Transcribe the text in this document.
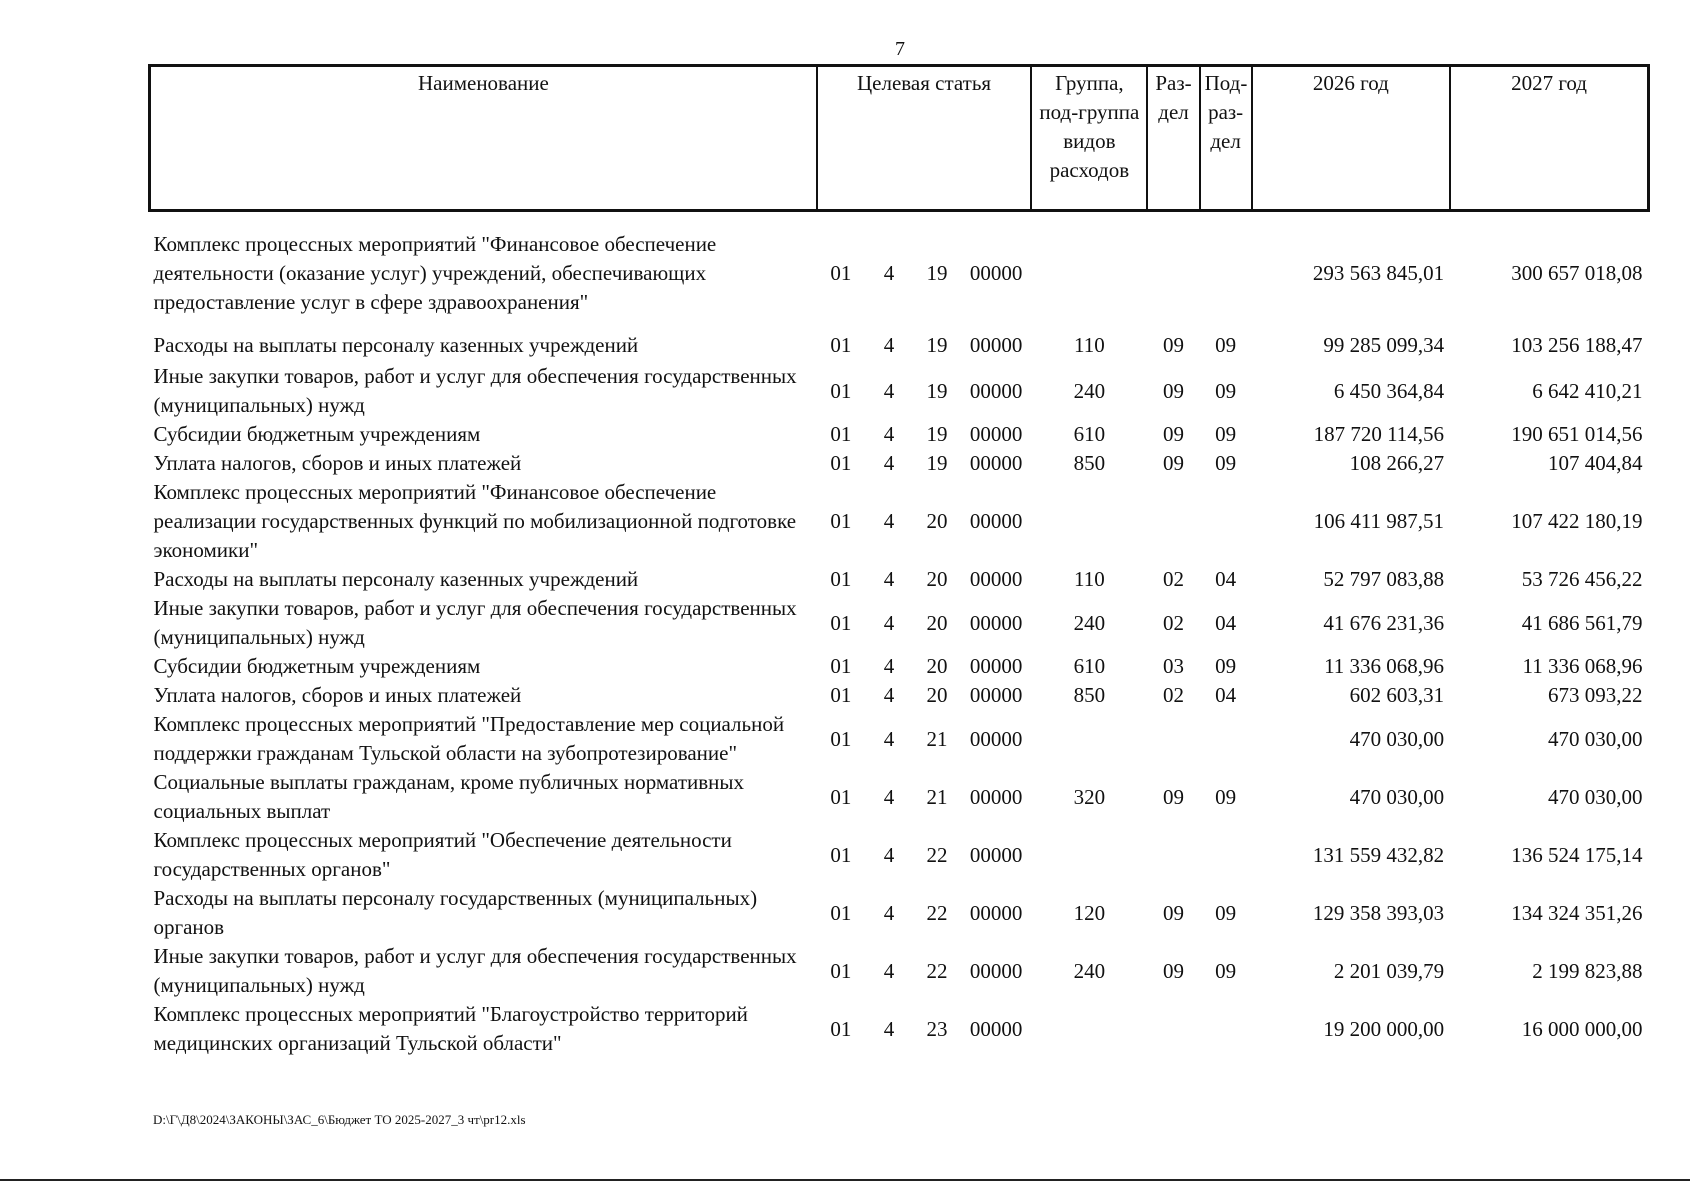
7
Наименование	Целевая статья				Группа, под-группа видов расходов	Раз-дел	Под-раз-дел	2026 год	2027 год

Комплекс процессных мероприятий "Финансовое обеспечение деятельности (оказание услуг) учреждений, обеспечивающих предоставление услуг в сфере здравоохранения"	01	4	19	00000				293 563 845,01	300 657 018,08
Расходы на выплаты персоналу казенных учреждений	01	4	19	00000	110	09	09	99 285 099,34	103 256 188,47
Иные закупки товаров, работ и услуг для обеспечения государственных (муниципальных) нужд	01	4	19	00000	240	09	09	6 450 364,84	6 642 410,21
Субсидии бюджетным учреждениям	01	4	19	00000	610	09	09	187 720 114,56	190 651 014,56
Уплата налогов, сборов и иных платежей	01	4	19	00000	850	09	09	108 266,27	107 404,84
Комплекс процессных мероприятий "Финансовое обеспечение реализации государственных функций по мобилизационной подготовке экономики"	01	4	20	00000				106 411 987,51	107 422 180,19
Расходы на выплаты персоналу казенных учреждений	01	4	20	00000	110	02	04	52 797 083,88	53 726 456,22
Иные закупки товаров, работ и услуг для обеспечения государственных (муниципальных) нужд	01	4	20	00000	240	02	04	41 676 231,36	41 686 561,79
Субсидии бюджетным учреждениям	01	4	20	00000	610	03	09	11 336 068,96	11 336 068,96
Уплата налогов, сборов и иных платежей	01	4	20	00000	850	02	04	602 603,31	673 093,22
Комплекс процессных мероприятий "Предоставление мер социальной поддержки гражданам Тульской области на зубопротезирование"	01	4	21	00000				470 030,00	470 030,00
Социальные выплаты гражданам, кроме публичных нормативных социальных выплат	01	4	21	00000	320	09	09	470 030,00	470 030,00
Комплекс процессных мероприятий "Обеспечение деятельности государственных органов"	01	4	22	00000				131 559 432,82	136 524 175,14
Расходы на выплаты персоналу государственных (муниципальных) органов	01	4	22	00000	120	09	09	129 358 393,03	134 324 351,26
Иные закупки товаров, работ и услуг для обеспечения государственных (муниципальных) нужд	01	4	22	00000	240	09	09	2 201 039,79	2 199 823,88
Комплекс процессных мероприятий "Благоустройство территорий медицинских организаций Тульской области"	01	4	23	00000				19 200 000,00	16 000 000,00
D:\Г\Д8\2024\ЗАКОНЫ\ЗАС_6\Бюджет ТО 2025-2027_3 чт\pr12.xls
